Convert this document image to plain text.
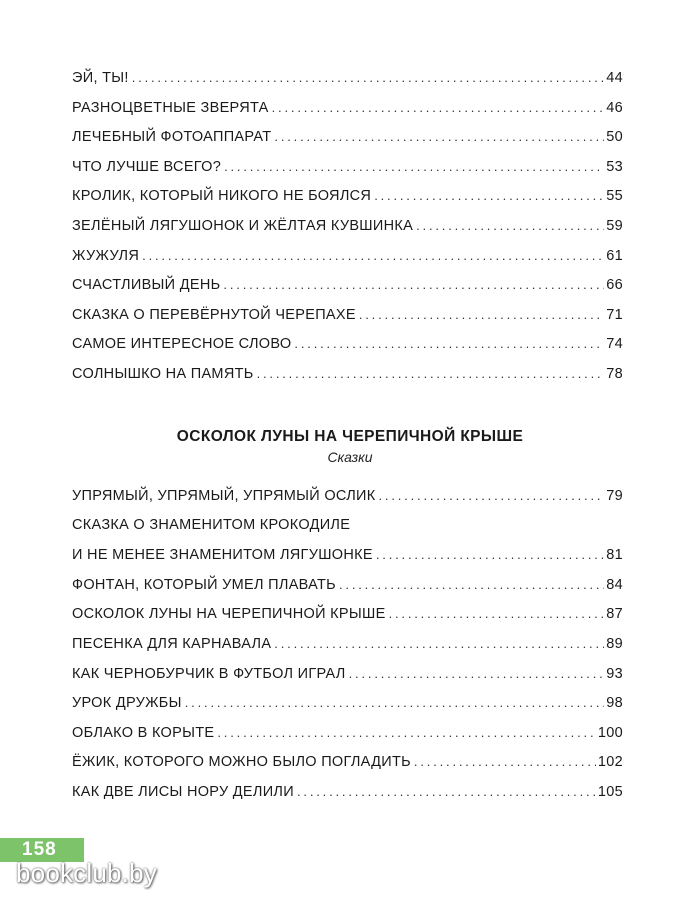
ЭЙ, ТЫ! . . .	44
РАЗНОЦВЕТНЫЕ ЗВЕРЯТА . . .	46
ЛЕЧЕБНЫЙ ФОТОАППАРАТ . . .	50
ЧТО ЛУЧШЕ ВСЕГО? . . .	53
КРОЛИК, КОТОРЫЙ НИКОГО НЕ БОЯЛСЯ . . .	55
ЗЕЛЁНЫЙ ЛЯГУШОНОК И ЖЁЛТАЯ КУВШИНКА . . .	59
ЖУЖУЛЯ . . .	61
СЧАСТЛИВЫЙ ДЕНЬ . . .	66
СКАЗКА О ПЕРЕВЁРНУТОЙ ЧЕРЕПАХЕ . . .	71
САМОЕ ИНТЕРЕСНОЕ СЛОВО . . .	74
СОЛНЫШКО НА ПАМЯТЬ . . .	78
ОСКОЛОК ЛУНЫ НА ЧЕРЕПИЧНОЙ КРЫШЕ
Сказки
УПРЯМЫЙ, УПРЯМЫЙ, УПРЯМЫЙ ОСЛИК . . .	79
СКАЗКА О ЗНАМЕНИТОМ КРОКОДИЛЕ
И НЕ МЕНЕЕ ЗНАМЕНИТОМ ЛЯГУШОНКЕ . . .	81
ФОНТАН, КОТОРЫЙ УМЕЛ ПЛАВАТЬ . . .	84
ОСКОЛОК ЛУНЫ НА ЧЕРЕПИЧНОЙ КРЫШЕ . . .	87
ПЕСЕНКА ДЛЯ КАРНАВАЛА . . .	89
КАК ЧЕРНОБУРЧИК В ФУТБОЛ ИГРАЛ . . .	93
УРОК ДРУЖБЫ . . .	98
ОБЛАКО В КОРЫТЕ . . .	100
ЁЖИК, КОТОРОГО МОЖНО БЫЛО ПОГЛАДИТЬ . . .	102
КАК ДВЕ ЛИСЫ НОРУ ДЕЛИЛИ . . .	105
158
bookclub.by
